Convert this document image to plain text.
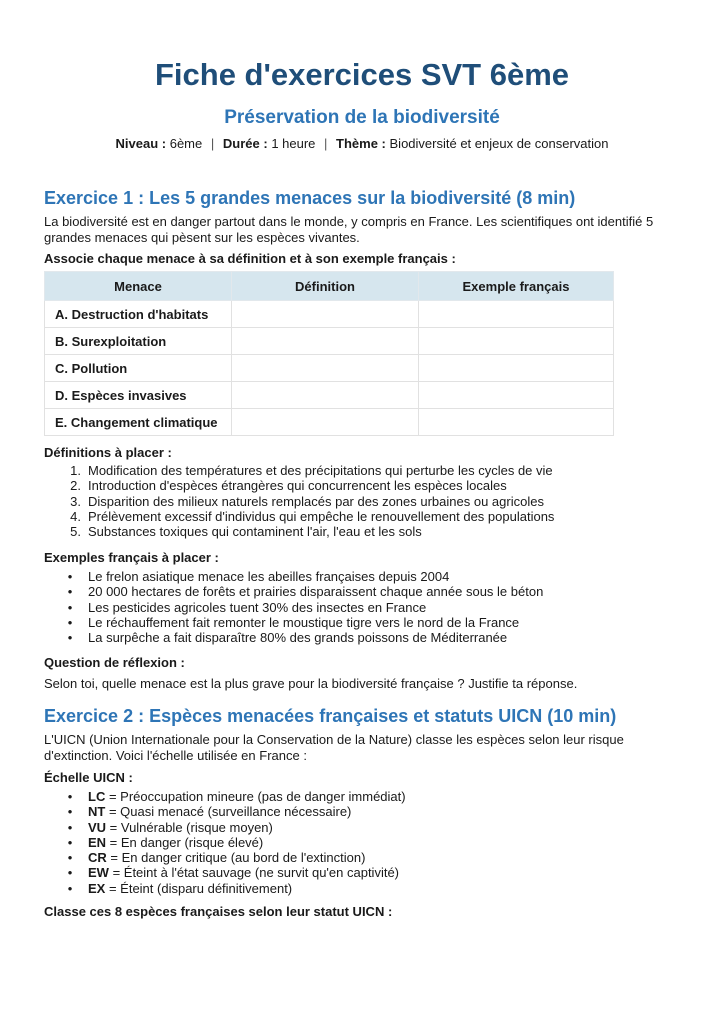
Fiche d'exercices SVT 6ème
Préservation de la biodiversité
Niveau : 6ème | Durée : 1 heure | Thème : Biodiversité et enjeux de conservation
Exercice 1 : Les 5 grandes menaces sur la biodiversité (8 min)

La biodiversité est en danger partout dans le monde, y compris en France. Les scientifiques ont identifié 5 grandes menaces qui pèsent sur les espèces vivantes.

Associe chaque menace à sa définition et à son exemple français :

Menace	Définition	Exemple français
A. Destruction d'habitats		
B. Surexploitation		
C. Pollution		
D. Espèces invasives		
E. Changement climatique		

Définitions à placer :

1. Modification des températures et des précipitations qui perturbe les cycles de vie
2. Introduction d'espèces étrangères qui concurrencent les espèces locales
3. Disparition des milieux naturels remplacés par des zones urbaines ou agricoles
4. Prélèvement excessif d'individus qui empêche le renouvellement des populations
5. Substances toxiques qui contaminent l'air, l'eau et les sols

Exemples français à placer :

• Le frelon asiatique menace les abeilles françaises depuis 2004
• 20 000 hectares de forêts et prairies disparaissent chaque année sous le béton
• Les pesticides agricoles tuent 30% des insectes en France
• Le réchauffement fait remonter le moustique tigre vers le nord de la France
• La surpêche a fait disparaître 80% des grands poissons de Méditerranée

Question de réflexion :

Selon toi, quelle menace est la plus grave pour la biodiversité française ? Justifie ta réponse.

Exercice 2 : Espèces menacées françaises et statuts UICN (10 min)

L'UICN (Union Internationale pour la Conservation de la Nature) classe les espèces selon leur risque d'extinction. Voici l'échelle utilisée en France :

Échelle UICN :

• LC = Préoccupation mineure (pas de danger immédiat)
• NT = Quasi menacé (surveillance nécessaire)
• VU = Vulnérable (risque moyen)
• EN = En danger (risque élevé)
• CR = En danger critique (au bord de l'extinction)
• EW = Éteint à l'état sauvage (ne survit qu'en captivité)
• EX = Éteint (disparu définitivement)

Classe ces 8 espèces françaises selon leur statut UICN :
